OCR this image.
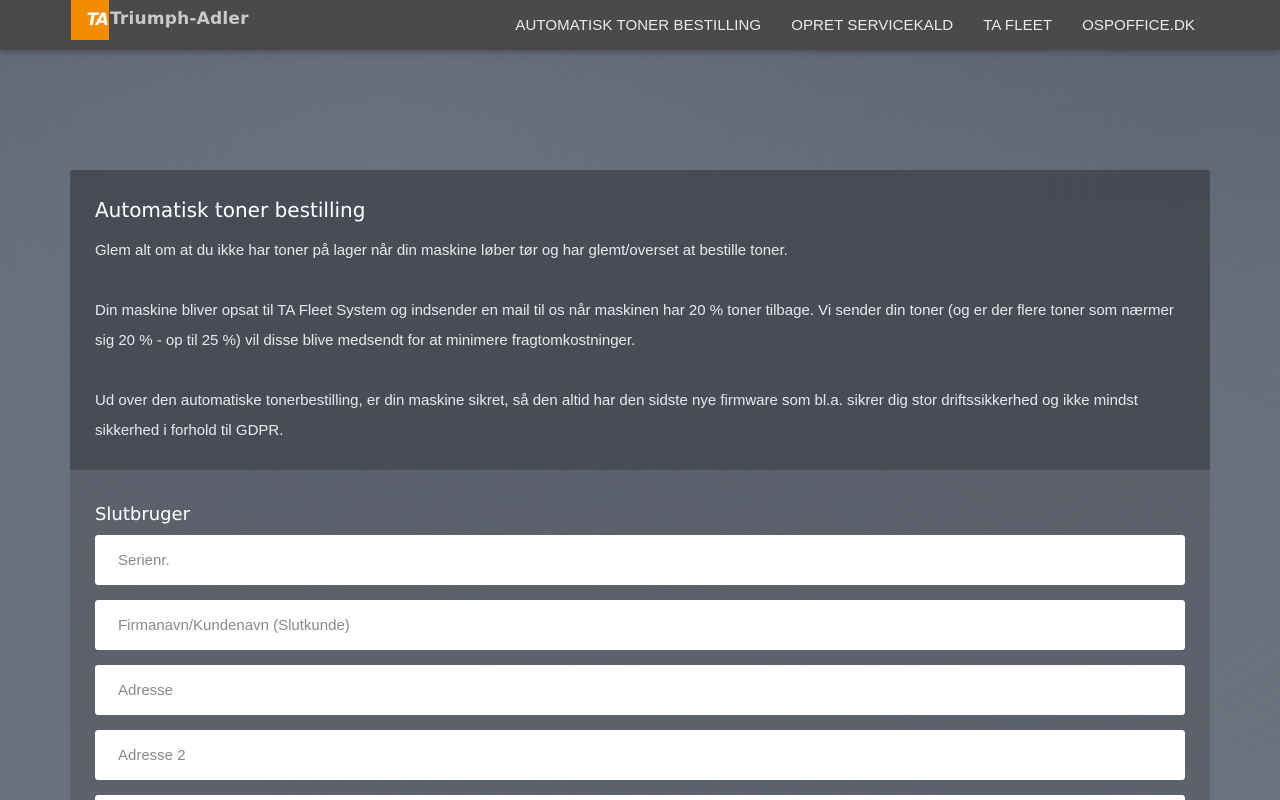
TA Triumph-Adler	AUTOMATISK TONER BESTILLING OPRET SERVICEKALD TA FLEET OSPOFFICE.DK
Automatisk toner bestilling

Glem alt om at du ikke har toner på lager når din maskine løber tør og har glemt/overset at bestille toner.

Din maskine bliver opsat til TA Fleet System og indsender en mail til os når maskinen har 20 % toner tilbage. Vi sender din toner (og er der flere toner som nærmer sig 20 % - op til 25 %) vil disse blive medsendt for at minimere fragtomkostninger.

Ud over den automatiske tonerbestilling, er din maskine sikret, så den altid har den sidste nye firmware som bl.a. sikrer dig stor driftssikkerhed og ikke mindst sikkerhed i forhold til GDPR.

Slutbruger
Serienr.
Firmanavn/Kundenavn (Slutkunde)
Adresse
Adresse 2
